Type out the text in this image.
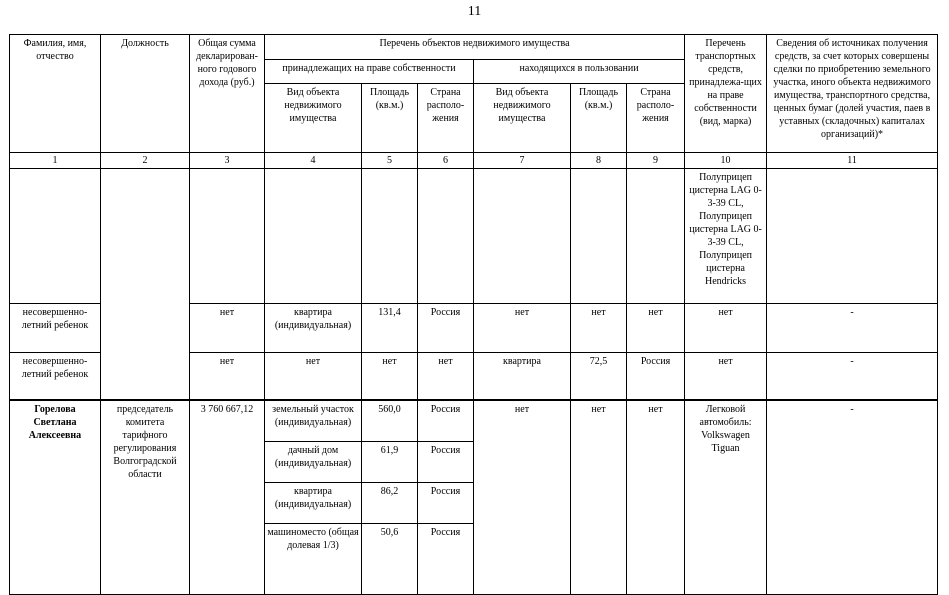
11
Фамилия, имя, отчество	Должность	Общая сумма декларирован-ного годового дохода (руб.)	Перечень объектов недвижимого имущества						Перечень транспортных средств, принадлежа-щих на праве собственности (вид, марка)	Сведения об источниках получения средств, за счет которых совершены сделки по приобретению земельного участка, иного объекта недвижимого имущества, транспортного средства, ценных бумаг (долей участия, паев в уставных (складочных) капиталах организаций)*
			принадлежащих на праве собственности			находящихся в пользовании				
			Вид объекта недвижимого имущества	Площадь (кв.м.)	Страна располо-жения	Вид объекта недвижимого имущества	Площадь (кв.м.)	Страна располо-жения		
1	2	3	4	5	6	7	8	9	10	11
									Полуприцеп цистерна LAG 0-3-39 CL, Полуприцеп цистерна LAG 0-3-39 CL, Полуприцеп цистерна Hendricks	
несовершенно-летний ребенок		нет	квартира (индивидуальная)	131,4	Россия	нет	нет	нет	нет	-
несовершенно-летний ребенок		нет	нет	нет	нет	квартира	72,5	Россия	нет	-
Горелова Светлана Алексеевна	председатель комитета тарифного регулирования Волгоградской области	3 760 667,12	земельный участок (индивидуальная)	560,0	Россия	нет	нет	нет	Легковой автомобиль: Volkswagen Tiguan	-
			дачный дом (индивидуальная)	61,9	Россия					
			квартира (индивидуальная)	86,2	Россия					
			машиноместо (общая долевая 1/3)	50,6	Россия					
